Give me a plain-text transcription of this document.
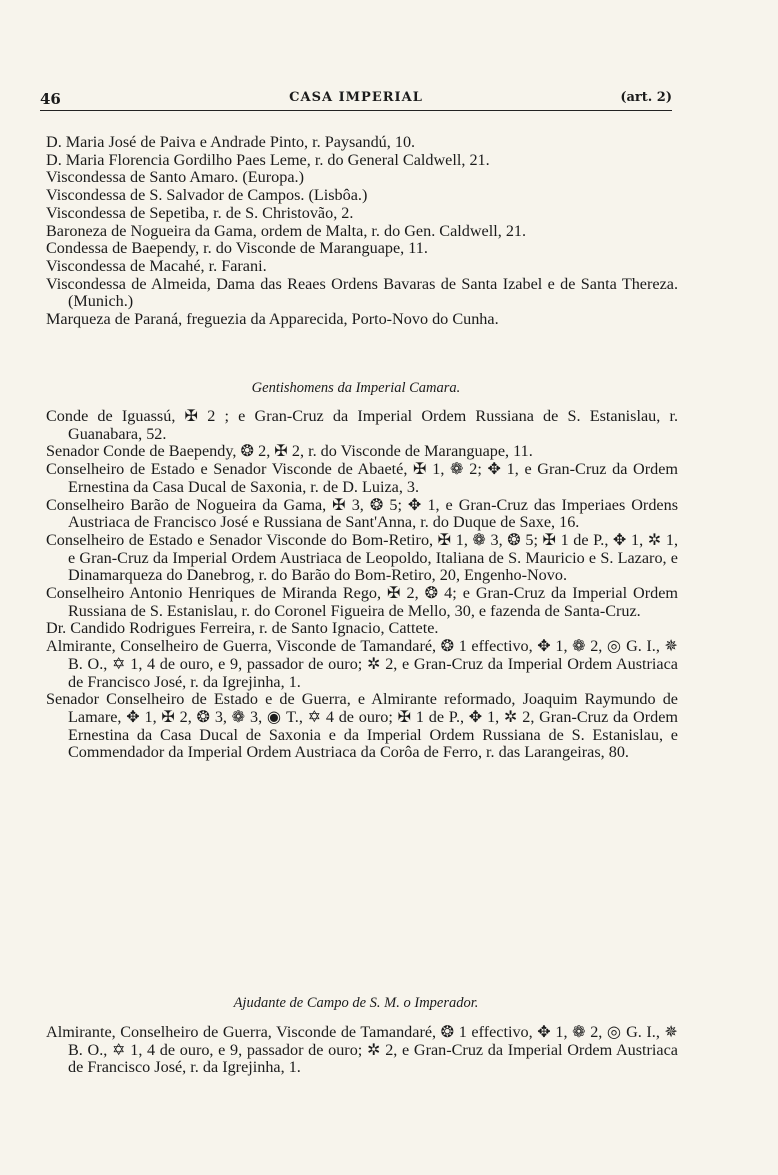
46	CASA IMPERIAL	(art. 2)

D. Maria José de Paiva e Andrade Pinto, r. Paysandú, 10.

D. Maria Florencia Gordilho Paes Leme, r. do General Caldwell, 21.

Viscondessa de Santo Amaro. (Europa.)

Viscondessa de S. Salvador de Campos. (Lisbôa.)

Viscondessa de Sepetiba, r. de S. Christovão, 2.

Baroneza de Nogueira da Gama, ordem de Malta, r. do Gen. Caldwell, 21.

Condessa de Baependy, r. do Visconde de Maranguape, 11.

Viscondessa de Macahé, r. Farani.

Viscondessa de Almeida, Dama das Reaes Ordens Bavaras de Santa Izabel e de Santa Thereza. (Munich.)

Marqueza de Paraná, freguezia da Apparecida, Porto-Novo do Cunha.

Gentishomens da Imperial Camara.

Conde de Iguassú, ✠ 2 ; e Gran-Cruz da Imperial Ordem Russiana de S. Estanislau, r. Guanabara, 52.

Senador Conde de Baependy, ❂ 2, ✠ 2, r. do Visconde de Maranguape, 11.

Conselheiro de Estado e Senador Visconde de Abaeté, ✠ 1, ❁ 2; ✥ 1, e Gran-Cruz da Ordem Ernestina da Casa Ducal de Saxonia, r. de D. Luiza, 3.

Conselheiro Barão de Nogueira da Gama, ✠ 3, ❂ 5; ✥ 1, e Gran-Cruz das Imperiaes Ordens Austriaca de Francisco José e Russiana de Sant'Anna, r. do Duque de Saxe, 16.

Conselheiro de Estado e Senador Visconde do Bom-Retiro, ✠ 1, ❁ 3, ❂ 5; ✠ 1 de P., ✥ 1, ✲ 1, e Gran-Cruz da Imperial Ordem Austriaca de Leopoldo, Italiana de S. Mauricio e S. Lazaro, e Dinamarqueza do Danebrog, r. do Barão do Bom-Retiro, 20, Engenho-Novo.

Conselheiro Antonio Henriques de Miranda Rego, ✠ 2, ❂ 4; e Gran-Cruz da Imperial Ordem Russiana de S. Estanislau, r. do Coronel Figueira de Mello, 30, e fazenda de Santa-Cruz.

Dr. Candido Rodrigues Ferreira, r. de Santo Ignacio, Cattete.

Almirante, Conselheiro de Guerra, Visconde de Tamandaré, ❂ 1 effectivo, ✥ 1, ❁ 2, ◎ G. I., ✵ B. O., ✡ 1, 4 de ouro, e 9, passador de ouro; ✲ 2, e Gran-Cruz da Imperial Ordem Austriaca de Francisco José, r. da Igrejinha, 1.

Senador Conselheiro de Estado e de Guerra, e Almirante reformado, Joaquim Raymundo de Lamare, ✥ 1, ✠ 2, ❂ 3, ❁ 3, ◉ T., ✡ 4 de ouro; ✠ 1 de P., ✥ 1, ✲ 2, Gran-Cruz da Ordem Ernestina da Casa Ducal de Saxonia e da Imperial Ordem Russiana de S. Estanislau, e Commendador da Imperial Ordem Austriaca da Corôa de Ferro, r. das Larangeiras, 80.

Ajudante de Campo de S. M. o Imperador.

Almirante, Conselheiro de Guerra, Visconde de Tamandaré, ❂ 1 effectivo, ✥ 1, ❁ 2, ◎ G. I., ✵ B. O., ✡ 1, 4 de ouro, e 9, passador de ouro; ✲ 2, e Gran-Cruz da Imperial Ordem Austriaca de Francisco José, r. da Igrejinha, 1.
